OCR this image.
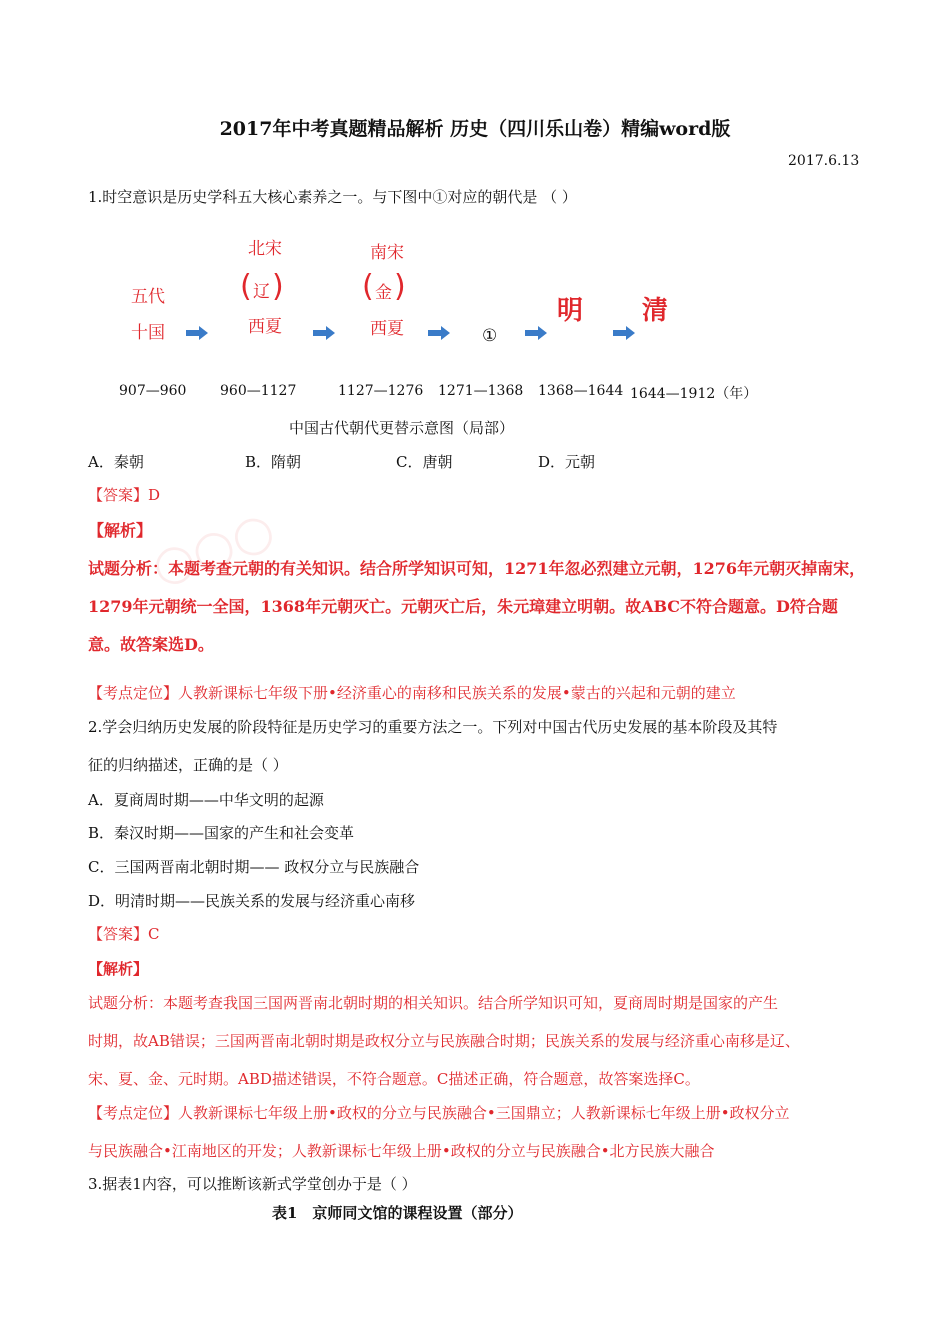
○○○
2017年中考真题精品解析 历史（四川乐山卷）精编word版
2017.6.13
1.时空意识是历史学科五大核心素养之一。与下图中①对应的朝代是 （ ）
五代
十国
北宋
( 辽 )
西夏
南宋
( 金 )
西夏	①
明 清
907—960 960—1127	1127—1276 1271—1368 1368—1644 1644—1912（年）
中国古代朝代更替示意图（局部）
A．秦朝	B．隋朝	C．唐朝	D．元朝
【答案】D
【解析】
试题分析：本题考查元朝的有关知识。结合所学知识可知，1271年忽必烈建立元朝，1276年元朝灭掉南宋，
1279年元朝统一全国，1368年元朝灭亡。元朝灭亡后，朱元璋建立明朝。故ABC不符合题意。D符合题
意。故答案选D。
【考点定位】人教新课标七年级下册•经济重心的南移和民族关系的发展•蒙古的兴起和元朝的建立
2.学会归纳历史发展的阶段特征是历史学习的重要方法之一。下列对中国古代历史发展的基本阶段及其特
征的归纳描述，正确的是（ ）
A．夏商周时期——中华文明的起源
B．秦汉时期——国家的产生和社会变革
C．三国两晋南北朝时期—— 政权分立与民族融合
D．明清时期——民族关系的发展与经济重心南移
【答案】C
【解析】
试题分析：本题考查我国三国两晋南北朝时期的相关知识。结合所学知识可知，夏商周时期是国家的产生
时期，故AB错误；三国两晋南北朝时期是政权分立与民族融合时期；民族关系的发展与经济重心南移是辽、
宋、夏、金、元时期。ABD描述错误，不符合题意。C描述正确，符合题意，故答案选择C。
【考点定位】人教新课标七年级上册•政权的分立与民族融合•三国鼎立；人教新课标七年级上册•政权分立
与民族融合•江南地区的开发；人教新课标七年级上册•政权的分立与民族融合•北方民族大融合
3.据表1内容，可以推断该新式学堂创办于是（ ）
表1　京师同文馆的课程设置（部分）
